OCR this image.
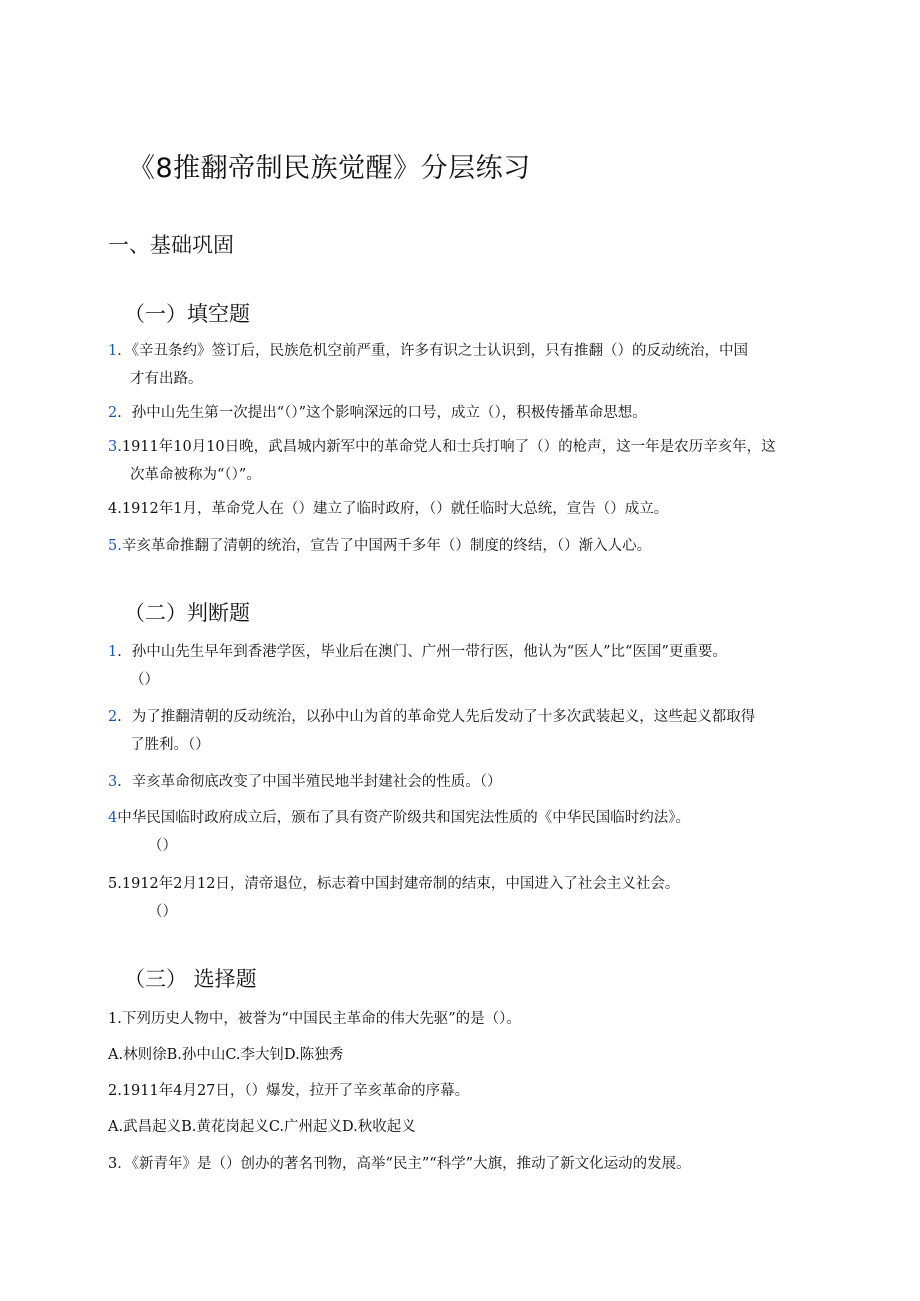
《8推翻帝制民族觉醒》分层练习
一、基础巩固
（一）填空题
1．《辛丑条约》签订后，民族危机空前严重，许多有识之士认识到，只有推翻（）的反动统治，中国
才有出路。
2．孙中山先生第一次提出“（）”这个影响深远的口号，成立（），积极传播革命思想。
3.1911年10月10日晚，武昌城内新军中的革命党人和士兵打响了（）的枪声，这一年是农历辛亥年，这
次革命被称为“（）”。
4.1912年1月，革命党人在（）建立了临时政府，（）就任临时大总统，宣告（）成立。
5.辛亥革命推翻了清朝的统治，宣告了中国两千多年（）制度的终结，（）渐入人心。
（二）判断题
1．孙中山先生早年到香港学医，毕业后在澳门、广州一带行医，他认为“医人”比“医国”更重要。
（）
2．为了推翻清朝的反动统治，以孙中山为首的革命党人先后发动了十多次武装起义，这些起义都取得
了胜利。（）
3．辛亥革命彻底改变了中国半殖民地半封建社会的性质。（）
4中华民国临时政府成立后，颁布了具有资产阶级共和国宪法性质的《中华民国临时约法》。
（）
5.1912年2月12日，清帝退位，标志着中国封建帝制的结束，中国进入了社会主义社会。
（）
（三） 选择题
1.下列历史人物中，被誉为“中国民主革命的伟大先驱”的是（）。
A.林则徐B.孙中山C.李大钊D.陈独秀
2.1911年4月27日，（）爆发，拉开了辛亥革命的序幕。
A.武昌起义B.黄花岗起义C.广州起义D.秋收起义
3．《新青年》是（）创办的著名刊物，高举“民主”“科学”大旗，推动了新文化运动的发展。
